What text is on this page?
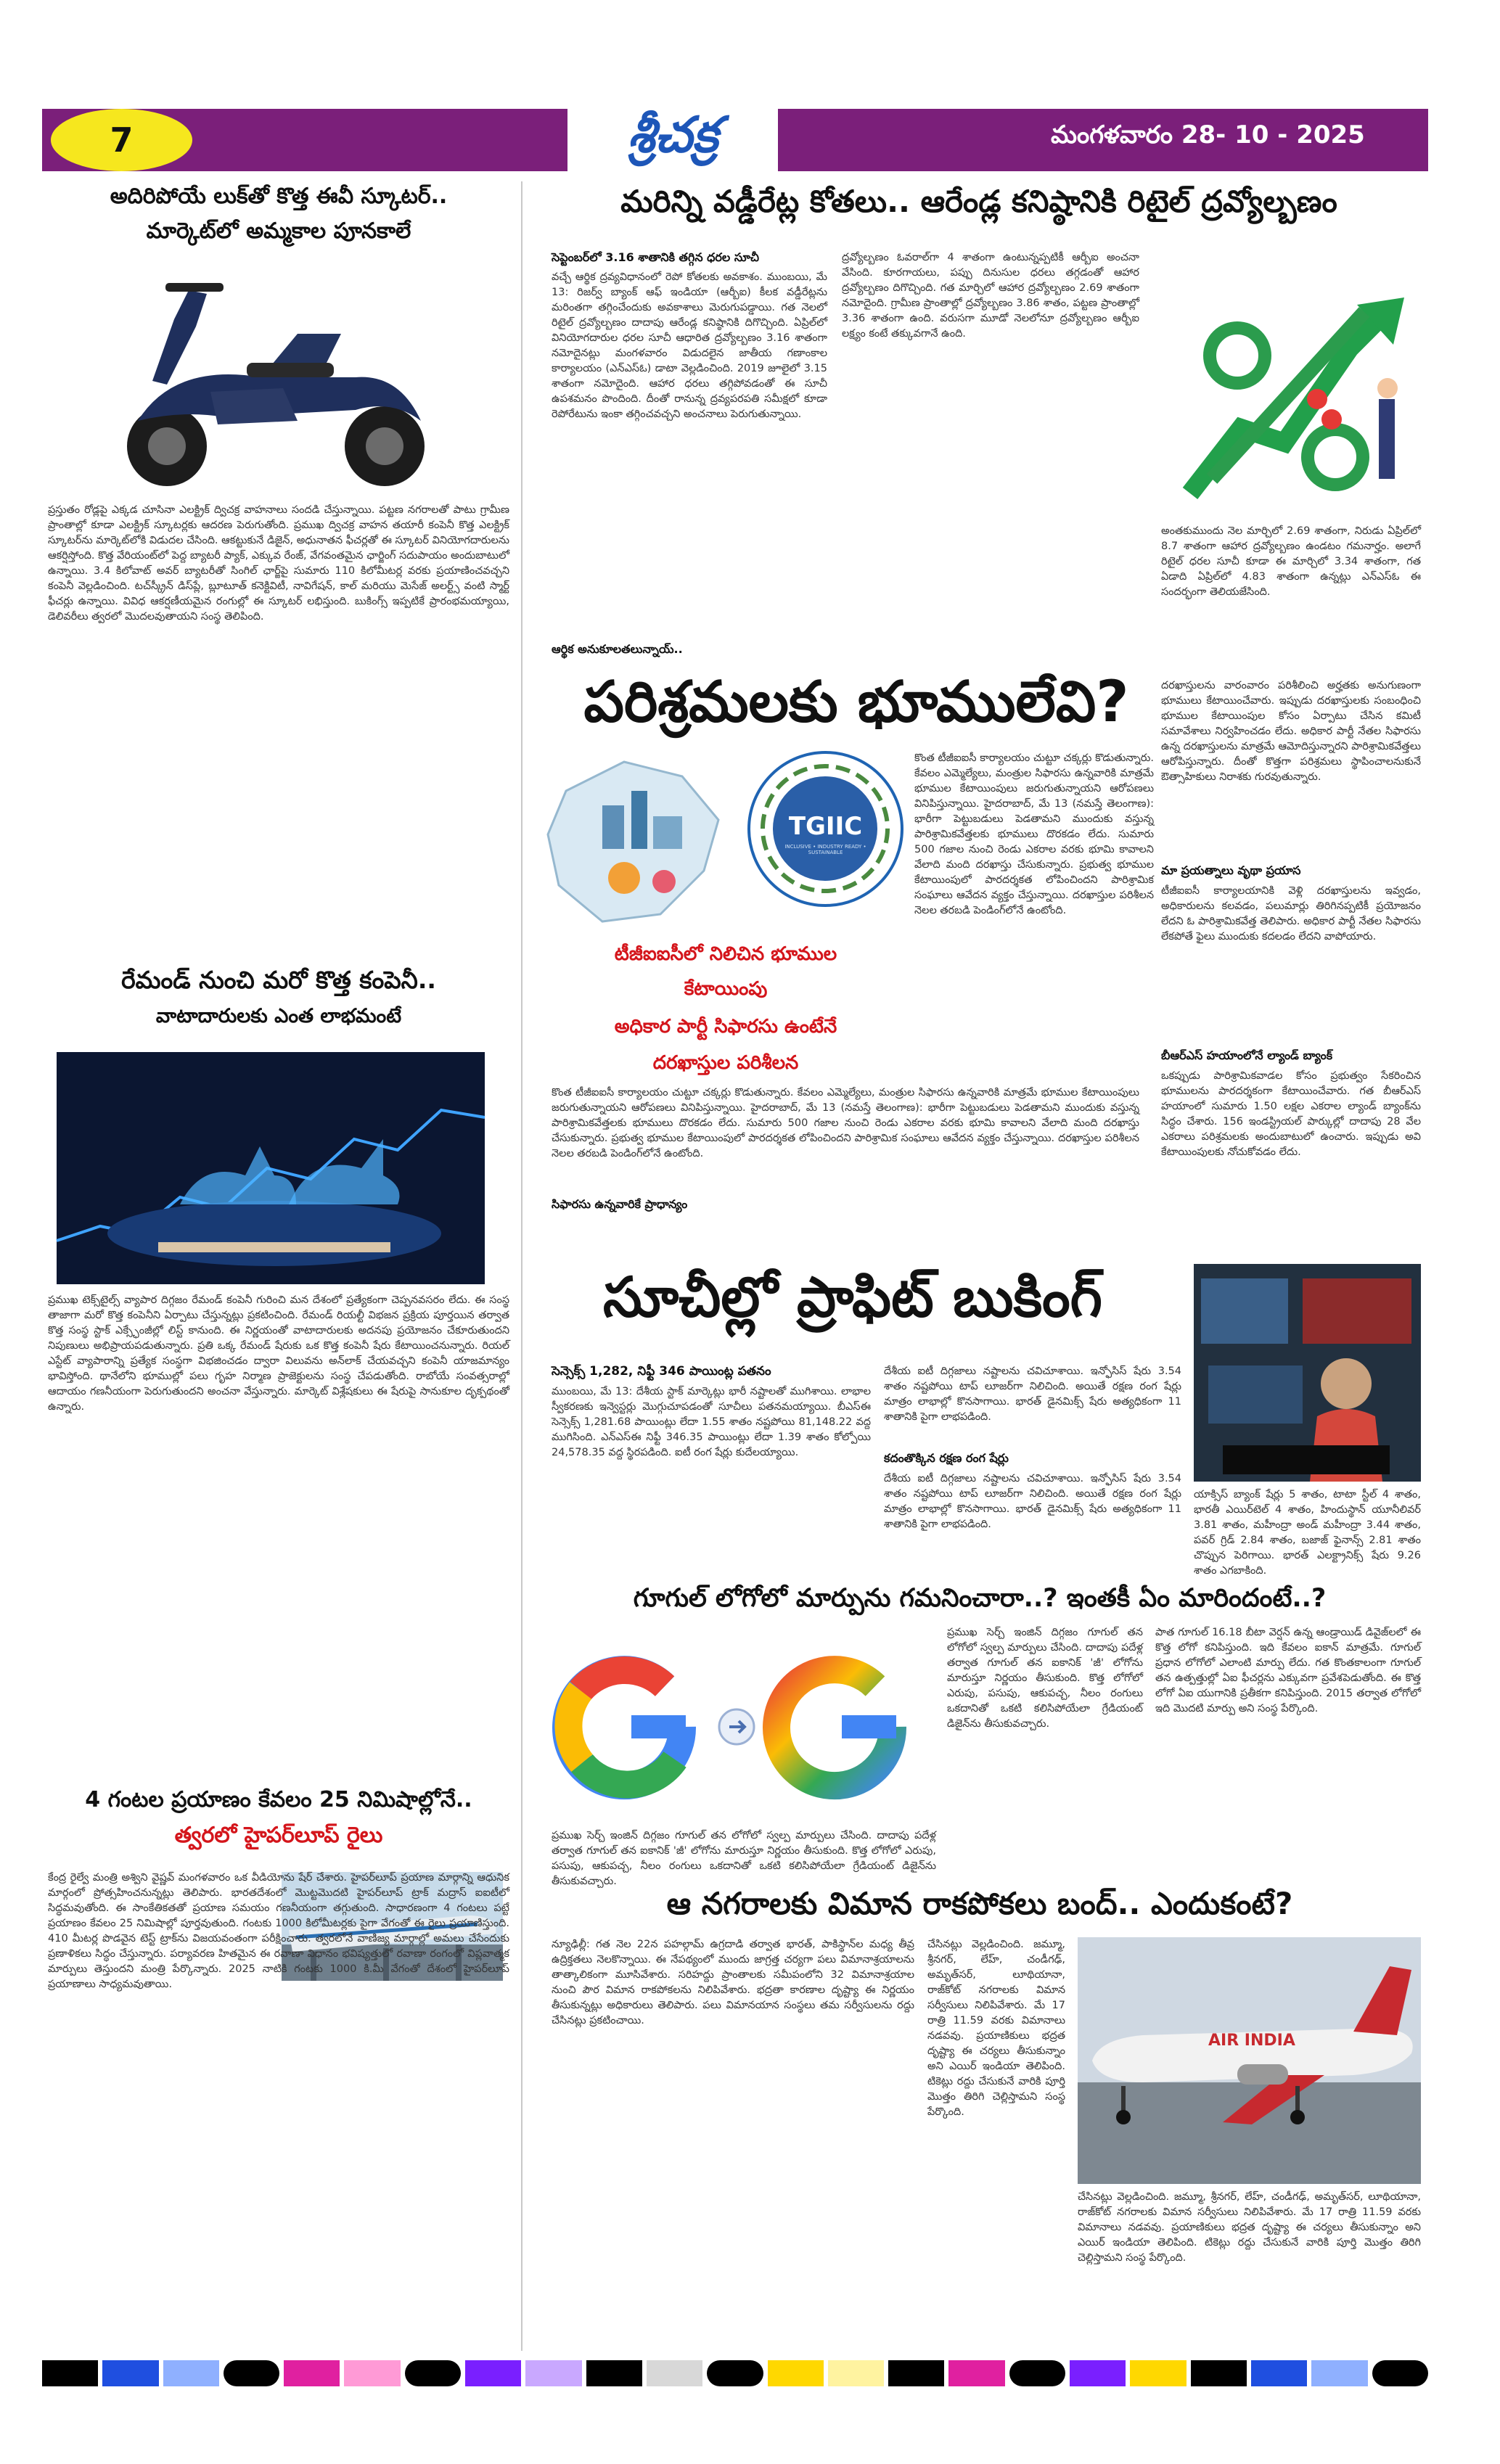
7	శ్రీచక్ర	మంగళవారం 28- 10 - 2025
అదిరిపోయే లుక్‌తో కొత్త ఈవీ స్కూటర్..
మార్కెట్‌లో అమ్మకాల పూనకాలే
ప్రస్తుతం రోడ్లపై ఎక్కడ చూసినా ఎలక్ట్రిక్ ద్విచక్ర వాహనాలు సందడి చేస్తున్నాయి. పట్టణ నగరాలతో పాటు గ్రామీణ ప్రాంతాల్లో కూడా ఎలక్ట్రిక్ స్కూటర్లకు ఆదరణ పెరుగుతోంది. ప్రముఖ ద్విచక్ర వాహన తయారీ కంపెనీ కొత్త ఎలక్ట్రిక్ స్కూటర్‌ను మార్కెట్‌లోకి విడుదల చేసింది. ఆకట్టుకునే డిజైన్, అధునాతన ఫీచర్లతో ఈ స్కూటర్ వినియోగదారులను ఆకర్షిస్తోంది. కొత్త వేరియంట్‌లో పెద్ద బ్యాటరీ ప్యాక్, ఎక్కువ రేంజ్, వేగవంతమైన ఛార్జింగ్ సదుపాయం అందుబాటులో ఉన్నాయి. 3.4 కిలోవాట్ అవర్ బ్యాటరీతో సింగిల్ ఛార్జ్‌పై సుమారు 110 కిలోమీటర్ల వరకు ప్రయాణించవచ్చని కంపెనీ వెల్లడించింది. టచ్‌స్క్రీన్ డిస్‌ప్లే, బ్లూటూత్ కనెక్టివిటీ, నావిగేషన్, కాల్ మరియు మెసేజ్ అలర్ట్స్ వంటి స్మార్ట్ ఫీచర్లు ఉన్నాయి. వివిధ ఆకర్షణీయమైన రంగుల్లో ఈ స్కూటర్ లభిస్తుంది. బుకింగ్స్ ఇప్పటికే ప్రారంభమయ్యాయి, డెలివరీలు త్వరలో మొదలవుతాయని సంస్థ తెలిపింది.
రేమండ్ నుంచి మరో కొత్త కంపెనీ..
వాటాదారులకు ఎంత లాభమంటే
ప్రముఖ టెక్స్‌టైల్స్ వ్యాపార దిగ్గజం రేమండ్ కంపెనీ గురించి మన దేశంలో ప్రత్యేకంగా చెప్పనవసరం లేదు. ఈ సంస్థ తాజాగా మరో కొత్త కంపెనీని ఏర్పాటు చేస్తున్నట్లు ప్రకటించింది. రేమండ్ రియల్టీ విభజన ప్రక్రియ పూర్తయిన తర్వాత కొత్త సంస్థ స్టాక్ ఎక్స్ఛేంజీల్లో లిస్ట్ కానుంది. ఈ నిర్ణయంతో వాటాదారులకు అదనపు ప్రయోజనం చేకూరుతుందని నిపుణులు అభిప్రాయపడుతున్నారు. ప్రతి ఒక్క రేమండ్ షేరుకు ఒక కొత్త కంపెనీ షేరు కేటాయించనున్నారు. రియల్ ఎస్టేట్ వ్యాపారాన్ని ప్రత్యేక సంస్థగా విభజించడం ద్వారా విలువను అన్‌లాక్ చేయవచ్చని కంపెనీ యాజమాన్యం భావిస్తోంది. థానేలోని భూముల్లో పలు గృహ నిర్మాణ ప్రాజెక్టులను సంస్థ చేపడుతోంది. రాబోయే సంవత్సరాల్లో ఆదాయం గణనీయంగా పెరుగుతుందని అంచనా వేస్తున్నారు. మార్కెట్ విశ్లేషకులు ఈ షేరుపై సానుకూల దృక్పథంతో ఉన్నారు.
4 గంటల ప్రయాణం కేవలం 25 నిమిషాల్లోనే..
త్వరలో హైపర్‌లూప్ రైలు
కేంద్ర రైల్వే మంత్రి అశ్విని వైష్ణవ్ మంగళవారం ఒక వీడియోను షేర్ చేశారు. హైపర్‌లూప్ ప్రయాణ మార్గాన్ని ఆధునిక మార్గంలో ప్రోత్సహించనున్నట్లు తెలిపారు. భారతదేశంలో మొట్టమొదటి హైపర్‌లూప్ ట్రాక్ మద్రాస్ ఐఐటీలో సిద్ధమవుతోంది. ఈ సాంకేతికతతో ప్రయాణ సమయం గణనీయంగా తగ్గుతుంది. సాధారణంగా 4 గంటలు పట్టే ప్రయాణం కేవలం 25 నిమిషాల్లో పూర్తవుతుంది. గంటకు 1000 కిలోమీటర్లకు పైగా వేగంతో ఈ రైలు ప్రయాణిస్తుంది. 410 మీటర్ల పొడవైన టెస్ట్ ట్రాక్‌ను విజయవంతంగా పరీక్షించారు. త్వరలోనే వాణిజ్య మార్గాల్లో అమలు చేసేందుకు ప్రణాళికలు సిద్ధం చేస్తున్నారు. పర్యావరణ హితమైన ఈ రవాణా విధానం భవిష్యత్తులో రవాణా రంగంలో విప్లవాత్మక మార్పులు తెస్తుందని మంత్రి పేర్కొన్నారు. 2025 నాటికి గంటకు 1000 కి.మీ వేగంతో దేశంలో హైపర్‌లూప్ ప్రయాణాలు సాధ్యమవుతాయి.
మరిన్ని వడ్డీరేట్ల కోతలు.. ఆరేండ్ల కనిష్ఠానికి రిటైల్ ద్రవ్యోల్బణం
సెప్టెంబర్‌లో 3.16 శాతానికి తగ్గిన ధరల సూచీ
వచ్చే ఆర్థిక ద్రవ్యవిధానంలో రెపో కోతలకు అవకాశం. ముంబయి, మే 13: రిజర్వ్ బ్యాంక్ ఆఫ్ ఇండియా (ఆర్బీఐ) కీలక వడ్డీరేట్లను మరింతగా తగ్గించేందుకు అవకాశాలు మెరుగుపడ్డాయి. గత నెలలో రిటైల్ ద్రవ్యోల్బణం దాదాపు ఆరేండ్ల కనిష్ఠానికి దిగొచ్చింది. ఏప్రిల్‌లో వినియోగదారుల ధరల సూచీ ఆధారిత ద్రవ్యోల్బణం 3.16 శాతంగా నమోదైనట్లు మంగళవారం విడుదలైన జాతీయ గణాంకాల కార్యాలయం (ఎన్‌ఎస్‌ఓ) డాటా వెల్లడించింది. 2019 జూలైలో 3.15 శాతంగా నమోదైంది. ఆహార ధరలు తగ్గిపోవడంతో ఈ సూచీ ఉపశమనం పొందింది. దీంతో రానున్న ద్రవ్యపరపతి సమీక్షలో కూడా రెపోరేటును ఇంకా తగ్గించవచ్చని అంచనాలు పెరుగుతున్నాయి.
ద్రవ్యోల్బణం ఓవరాల్‌గా 4 శాతంగా ఉంటున్నప్పటికీ ఆర్బీఐ అంచనా వేసింది. కూరగాయలు, పప్పు దినుసుల ధరలు తగ్గడంతో ఆహార ద్రవ్యోల్బణం దిగొచ్చింది. గత మార్చిలో ఆహార ద్రవ్యోల్బణం 2.69 శాతంగా నమోదైంది. గ్రామీణ ప్రాంతాల్లో ద్రవ్యోల్బణం 3.86 శాతం, పట్టణ ప్రాంతాల్లో 3.36 శాతంగా ఉంది. వరుసగా మూడో నెలలోనూ ద్రవ్యోల్బణం ఆర్బీఐ లక్ష్యం కంటే తక్కువగానే ఉంది.
అంతకుముందు నెల మార్చిలో 2.69 శాతంగా, నిరుడు ఏప్రిల్‌లో 8.7 శాతంగా ఆహార ద్రవ్యోల్బణం ఉండటం గమనార్హం. అలాగే రిటైల్ ధరల సూచీ కూడా ఈ మార్చిలో 3.34 శాతంగా, గత ఏడాది ఏప్రిల్‌లో 4.83 శాతంగా ఉన్నట్లు ఎన్‌ఎస్‌ఓ ఈ సందర్భంగా తెలియజేసింది.
ఆర్థిక అనుకూలతలున్నాయ్..
పరిశ్రమలకు భూములేవి?
TGIIC
INCLUSIVE • INDUSTRY READY • SUSTAINABLE
టీజీఐఐసీలో నిలిచిన భూముల
కేటాయింపు
అధికార పార్టీ సిఫారసు ఉంటేనే
దరఖాస్తుల పరిశీలన
కొంత టీజీఐఐసీ కార్యాలయం చుట్టూ చక్కర్లు కొడుతున్నారు. కేవలం ఎమ్మెల్యేలు, మంత్రుల సిఫారసు ఉన్నవారికి మాత్రమే భూముల కేటాయింపులు జరుగుతున్నాయని ఆరోపణలు వినిపిస్తున్నాయి. హైదరాబాద్, మే 13 (నమస్తే తెలంగాణ): భారీగా పెట్టుబడులు పెడతామని ముందుకు వస్తున్న పారిశ్రామికవేత్తలకు భూములు దొరకడం లేదు. సుమారు 500 గజాల నుంచి రెండు ఎకరాల వరకు భూమి కావాలని వేలాది మంది దరఖాస్తు చేసుకున్నారు. ప్రభుత్వ భూముల కేటాయింపులో పారదర్శకత లోపించిందని పారిశ్రామిక సంఘాలు ఆవేదన వ్యక్తం చేస్తున్నాయి. దరఖాస్తుల పరిశీలన నెలల తరబడి పెండింగ్‌లోనే ఉంటోంది.
కొంత టీజీఐఐసీ కార్యాలయం చుట్టూ చక్కర్లు కొడుతున్నారు. కేవలం ఎమ్మెల్యేలు, మంత్రుల సిఫారసు ఉన్నవారికి మాత్రమే భూముల కేటాయింపులు జరుగుతున్నాయని ఆరోపణలు వినిపిస్తున్నాయి. హైదరాబాద్, మే 13 (నమస్తే తెలంగాణ): భారీగా పెట్టుబడులు పెడతామని ముందుకు వస్తున్న పారిశ్రామికవేత్తలకు భూములు దొరకడం లేదు. సుమారు 500 గజాల నుంచి రెండు ఎకరాల వరకు భూమి కావాలని వేలాది మంది దరఖాస్తు చేసుకున్నారు. ప్రభుత్వ భూముల కేటాయింపులో పారదర్శకత లోపించిందని పారిశ్రామిక సంఘాలు ఆవేదన వ్యక్తం చేస్తున్నాయి. దరఖాస్తుల పరిశీలన నెలల తరబడి పెండింగ్‌లోనే ఉంటోంది.
సిఫారసు ఉన్నవారికే ప్రాధాన్యం
దరఖాస్తులను వారంవారం పరిశీలించి అర్హతకు అనుగుణంగా భూములు కేటాయించేవారు. ఇప్పుడు దరఖాస్తులకు సంబంధించి భూముల కేటాయింపుల కోసం ఏర్పాటు చేసిన కమిటీ సమావేశాలు నిర్వహించడం లేదు. అధికార పార్టీ నేతల సిఫారసు ఉన్న దరఖాస్తులను మాత్రమే ఆమోదిస్తున్నారని పారిశ్రామికవేత్తలు ఆరోపిస్తున్నారు. దీంతో కొత్తగా పరిశ్రమలు స్థాపించాలనుకునే ఔత్సాహికులు నిరాశకు గురవుతున్నారు.
మా ప్రయత్నాలు వృథా ప్రయాస
టీజీఐఐసీ కార్యాలయానికి వెళ్లి దరఖాస్తులను ఇవ్వడం, అధికారులను కలవడం, పలుమార్లు తిరిగినప్పటికీ ప్రయోజనం లేదని ఓ పారిశ్రామికవేత్త తెలిపారు. అధికార పార్టీ నేతల సిఫారసు లేకపోతే ఫైలు ముందుకు కదలడం లేదని వాపోయారు.
బీఆర్‌ఎస్ హయాంలోనే ల్యాండ్ బ్యాంక్‌
ఒకప్పుడు పారిశ్రామికవాడల కోసం ప్రభుత్వం సేకరించిన భూములను పారదర్శకంగా కేటాయించేవారు. గత బీఆర్‌ఎస్ హయాంలో సుమారు 1.50 లక్షల ఎకరాల ల్యాండ్ బ్యాంక్‌ను సిద్ధం చేశారు. 156 ఇండస్ట్రియల్ పార్కుల్లో దాదాపు 28 వేల ఎకరాలు పరిశ్రమలకు అందుబాటులో ఉంచారు. ఇప్పుడు అవి కేటాయింపులకు నోచుకోవడం లేదు.
సూచీల్లో ప్రాఫిట్ బుకింగ్
సెన్సెక్స్ 1,282, నిఫ్టీ 346 పాయింట్ల పతనం
ముంబయి, మే 13: దేశీయ స్టాక్ మార్కెట్లు భారీ నష్టాలతో ముగిశాయి. లాభాల స్వీకరణకు ఇన్వెస్టర్లు మొగ్గుచూపడంతో సూచీలు పతనమయ్యాయి. బీఎస్‌ఈ సెన్సెక్స్ 1,281.68 పాయింట్లు లేదా 1.55 శాతం నష్టపోయి 81,148.22 వద్ద ముగిసింది. ఎన్‌ఎస్‌ఈ నిఫ్టీ 346.35 పాయింట్లు లేదా 1.39 శాతం కోల్పోయి 24,578.35 వద్ద స్థిరపడింది. ఐటీ రంగ షేర్లు కుదేలయ్యాయి.
దేశీయ ఐటీ దిగ్గజాలు నష్టాలను చవిచూశాయి. ఇన్ఫోసిస్ షేరు 3.54 శాతం నష్టపోయి టాప్ లూజర్‌గా నిలిచింది. అయితే రక్షణ రంగ షేర్లు మాత్రం లాభాల్లో కొనసాగాయి. భారత్ డైనమిక్స్ షేరు అత్యధికంగా 11 శాతానికి పైగా లాభపడింది.
కదంతొక్కిన రక్షణ రంగ షేర్లు
దేశీయ ఐటీ దిగ్గజాలు నష్టాలను చవిచూశాయి. ఇన్ఫోసిస్ షేరు 3.54 శాతం నష్టపోయి టాప్ లూజర్‌గా నిలిచింది. అయితే రక్షణ రంగ షేర్లు మాత్రం లాభాల్లో కొనసాగాయి. భారత్ డైనమిక్స్ షేరు అత్యధికంగా 11 శాతానికి పైగా లాభపడింది.
యాక్సిస్ బ్యాంక్ షేర్లు 5 శాతం, టాటా స్టీల్ 4 శాతం, భారతీ ఎయిర్‌టెల్ 4 శాతం, హిందుస్థాన్ యూనీలివర్ 3.81 శాతం, మహీంద్రా అండ్ మహీంద్రా 3.44 శాతం, పవర్ గ్రిడ్ 2.84 శాతం, బజాజ్ ఫైనాన్స్ 2.81 శాతం చొప్పున పెరిగాయి. భారత్ ఎలక్ట్రానిక్స్ షేరు 9.26 శాతం ఎగబాకింది.
గూగుల్ లోగోలో మార్పును గమనించారా..? ఇంతకీ ఏం మారిందంటే..?
ప్రముఖ సెర్చ్ ఇంజిన్ దిగ్గజం గూగుల్ తన లోగోలో స్వల్ప మార్పులు చేసింది. దాదాపు పదేళ్ల తర్వాత గూగుల్ తన ఐకానిక్ 'జీ' లోగోను మారుస్తూ నిర్ణయం తీసుకుంది. కొత్త లోగోలో ఎరుపు, పసుపు, ఆకుపచ్చ, నీలం రంగులు ఒకదానితో ఒకటి కలిసిపోయేలా గ్రేడియంట్ డిజైన్‌ను తీసుకువచ్చారు.
ప్రముఖ సెర్చ్ ఇంజిన్ దిగ్గజం గూగుల్ తన లోగోలో స్వల్ప మార్పులు చేసింది. దాదాపు పదేళ్ల తర్వాత గూగుల్ తన ఐకానిక్ 'జీ' లోగోను మారుస్తూ నిర్ణయం తీసుకుంది. కొత్త లోగోలో ఎరుపు, పసుపు, ఆకుపచ్చ, నీలం రంగులు ఒకదానితో ఒకటి కలిసిపోయేలా గ్రేడియంట్ డిజైన్‌ను తీసుకువచ్చారు.
పాత గూగుల్ 16.18 బీటా వెర్షన్ ఉన్న ఆండ్రాయిడ్ డివైజ్‌లలో ఈ కొత్త లోగో కనిపిస్తుంది. ఇది కేవలం ఐకాన్ మాత్రమే. గూగుల్ ప్రధాన లోగోలో ఎలాంటి మార్పు లేదు. గత కొంతకాలంగా గూగుల్ తన ఉత్పత్తుల్లో ఏఐ ఫీచర్లను ఎక్కువగా ప్రవేశపెడుతోంది. ఈ కొత్త లోగో ఏఐ యుగానికి ప్రతీకగా కనిపిస్తుంది. 2015 తర్వాత లోగోలో ఇది మొదటి మార్పు అని సంస్థ పేర్కొంది.
ఆ నగరాలకు విమాన రాకపోకలు బంద్.. ఎందుకంటే?
న్యూఢిల్లీ: గత నెల 22న పహల్గామ్ ఉగ్రదాడి తర్వాత భారత్, పాకిస్థాన్‌ల మధ్య తీవ్ర ఉద్రిక్తతలు నెలకొన్నాయి. ఈ నేపథ్యంలో ముందు జాగ్రత్త చర్యగా పలు విమానాశ్రయాలను తాత్కాలికంగా మూసివేశారు. సరిహద్దు ప్రాంతాలకు సమీపంలోని 32 విమానాశ్రయాల నుంచి పౌర విమాన రాకపోకలను నిలిపివేశారు. భద్రతా కారణాల దృష్ట్యా ఈ నిర్ణయం తీసుకున్నట్లు అధికారులు తెలిపారు. పలు విమానయాన సంస్థలు తమ సర్వీసులను రద్దు చేసినట్లు ప్రకటించాయి.
చేసినట్లు వెల్లడించింది. జమ్మూ, శ్రీనగర్, లేహ్, చండీగఢ్, అమృత్‌సర్, లూథియానా, రాజ్‌కోట్ నగరాలకు విమాన సర్వీసులు నిలిపివేశారు. మే 17 రాత్రి 11.59 వరకు విమానాలు నడవవు. ప్రయాణికులు భద్రత దృష్ట్యా ఈ చర్యలు తీసుకున్నాం అని ఎయిర్ ఇండియా తెలిపింది. టికెట్లు రద్దు చేసుకునే వారికి పూర్తి మొత్తం తిరిగి చెల్లిస్తామని సంస్థ పేర్కొంది.
AIR INDIA
చేసినట్లు వెల్లడించింది. జమ్మూ, శ్రీనగర్, లేహ్, చండీగఢ్, అమృత్‌సర్, లూథియానా, రాజ్‌కోట్ నగరాలకు విమాన సర్వీసులు నిలిపివేశారు. మే 17 రాత్రి 11.59 వరకు విమానాలు నడవవు. ప్రయాణికులు భద్రత దృష్ట్యా ఈ చర్యలు తీసుకున్నాం అని ఎయిర్ ఇండియా తెలిపింది. టికెట్లు రద్దు చేసుకునే వారికి పూర్తి మొత్తం తిరిగి చెల్లిస్తామని సంస్థ పేర్కొంది.
